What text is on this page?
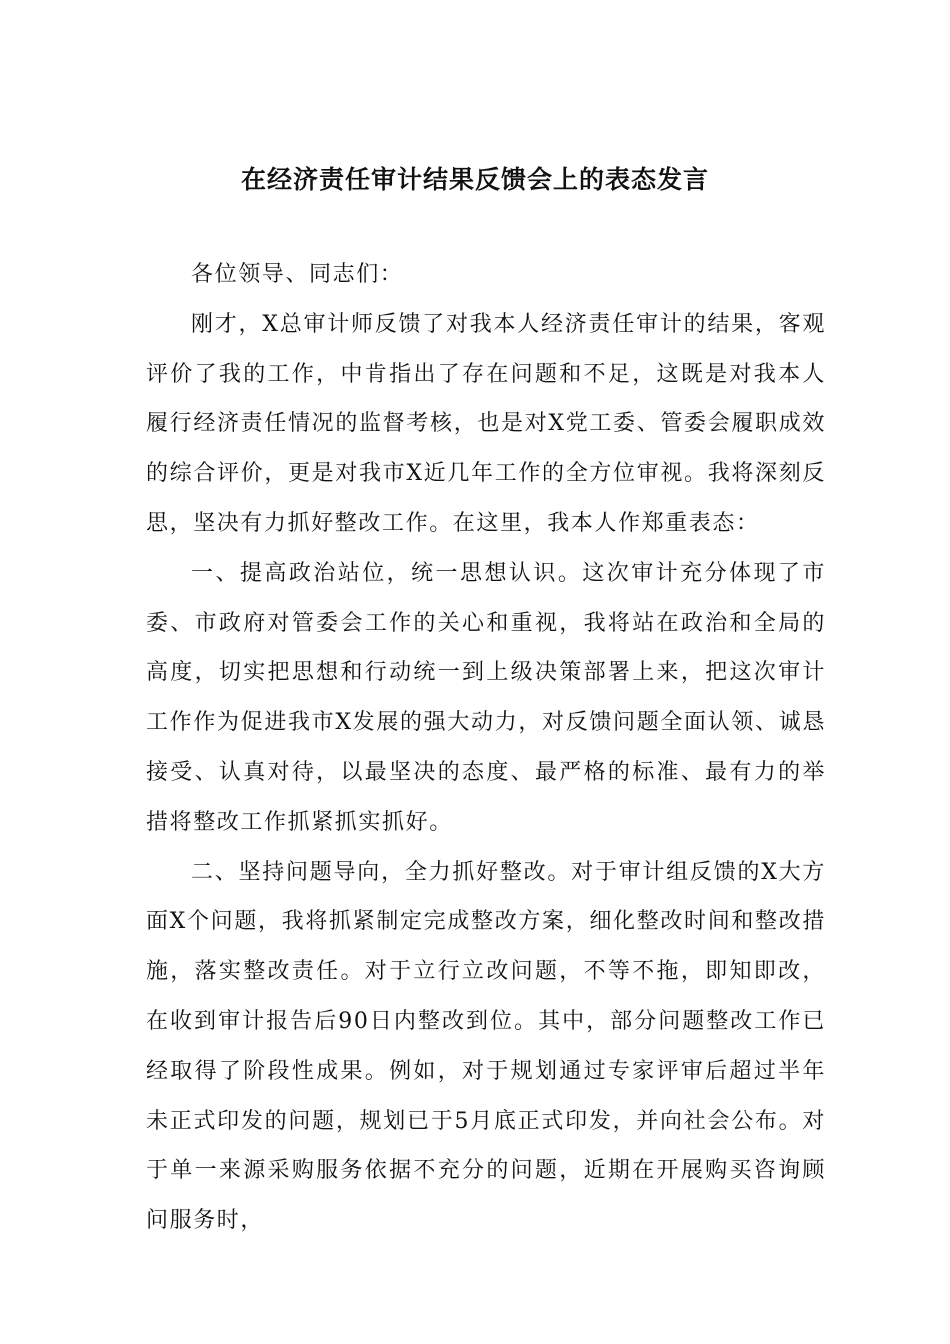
在经济责任审计结果反馈会上的表态发言

各位领导、同志们：

刚才，X总审计师反馈了对我本人经济责任审计的结果，客观评价了我的工作，中肯指出了存在问题和不足，这既是对我本人履行经济责任情况的监督考核，也是对X党工委、管委会履职成效的综合评价，更是对我市X近几年工作的全方位审视。我将深刻反思，坚决有力抓好整改工作。在这里，我本人作郑重表态：

一、提高政治站位，统一思想认识。这次审计充分体现了市委、市政府对管委会工作的关心和重视，我将站在政治和全局的高度，切实把思想和行动统一到上级决策部署上来，把这次审计工作作为促进我市X发展的强大动力，对反馈问题全面认领、诚恳接受、认真对待，以最坚决的态度、最严格的标准、最有力的举措将整改工作抓紧抓实抓好。

二、坚持问题导向，全力抓好整改。对于审计组反馈的X大方面X个问题，我将抓紧制定完成整改方案，细化整改时间和整改措施，落实整改责任。对于立行立改问题，不等不拖，即知即改，在收到审计报告后90日内整改到位。其中，部分问题整改工作已经取得了阶段性成果。例如，对于规划通过专家评审后超过半年未正式印发的问题，规划已于5月底正式印发，并向社会公布。对于单一来源采购服务依据不充分的问题，近期在开展购买咨询顾问服务时，
